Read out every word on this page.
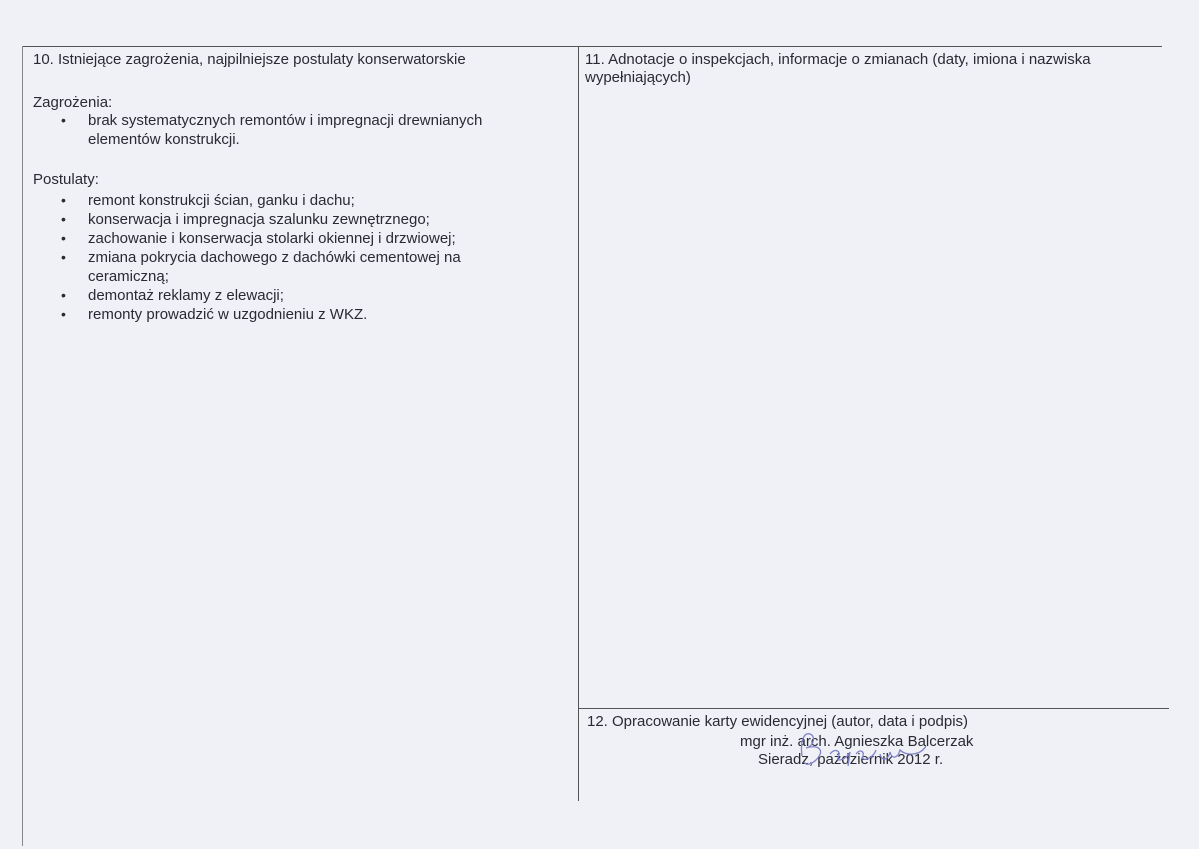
10. Istniejące zagrożenia, najpilniejsze postulaty konserwatorskie
Zagrożenia:
• brak systematycznych remontów i impregnacji drewnianych elementów konstrukcji.
Postulaty:
• remont konstrukcji ścian, ganku i dachu;
• konserwacja i impregnacja szalunku zewnętrznego;
• zachowanie i konserwacja stolarki okiennej i drzwiowej;
• zmiana pokrycia dachowego z dachówki cementowej na ceramiczną;
• demontaż reklamy z elewacji;
• remonty prowadzić w uzgodnieniu z WKZ.
11. Adnotacje o inspekcjach, informacje o zmianach (daty, imiona i nazwiska wypełniających)
12. Opracowanie karty ewidencyjnej (autor, data i podpis)
mgr inż. arch. Agnieszka Balcerzak
Sieradz, październik 2012 r.
